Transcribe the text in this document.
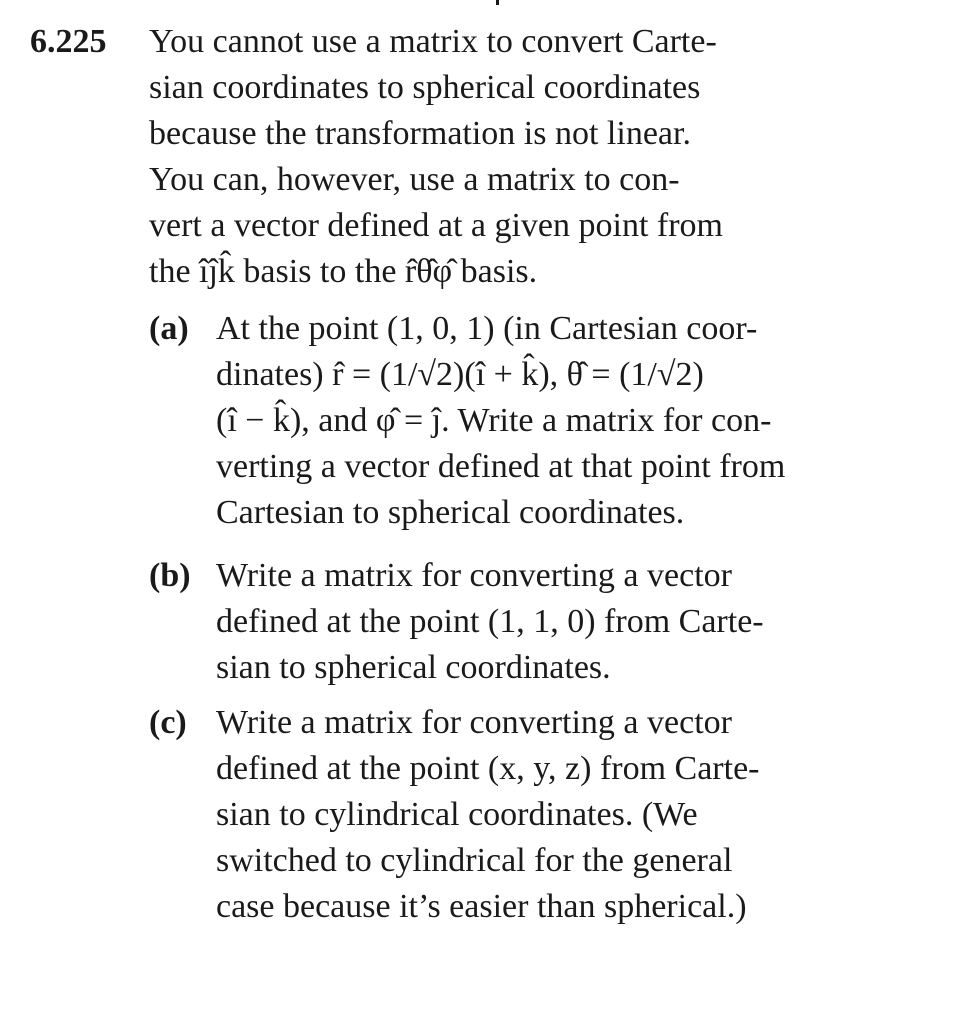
6.225 You cannot use a matrix to convert Carte-
sian coordinates to spherical coordinates
because the transformation is not linear.
You can, however, use a matrix to con-
vert a vector defined at a given point from
the îĵk̂ basis to the r̂θ̂φ̂ basis.
(a) At the point (1, 0, 1) (in Cartesian coor-
dinates) r̂ = (1/√2)(î + k̂), θ̂ = (1/√2)
(î − k̂), and φ̂ = ĵ. Write a matrix for con-
verting a vector defined at that point from
Cartesian to spherical coordinates.
(b) Write a matrix for converting a vector
defined at the point (1, 1, 0) from Carte-
sian to spherical coordinates.
(c) Write a matrix for converting a vector
defined at the point (x, y, z) from Carte-
sian to cylindrical coordinates. (We
switched to cylindrical for the general
case because it’s easier than spherical.)
